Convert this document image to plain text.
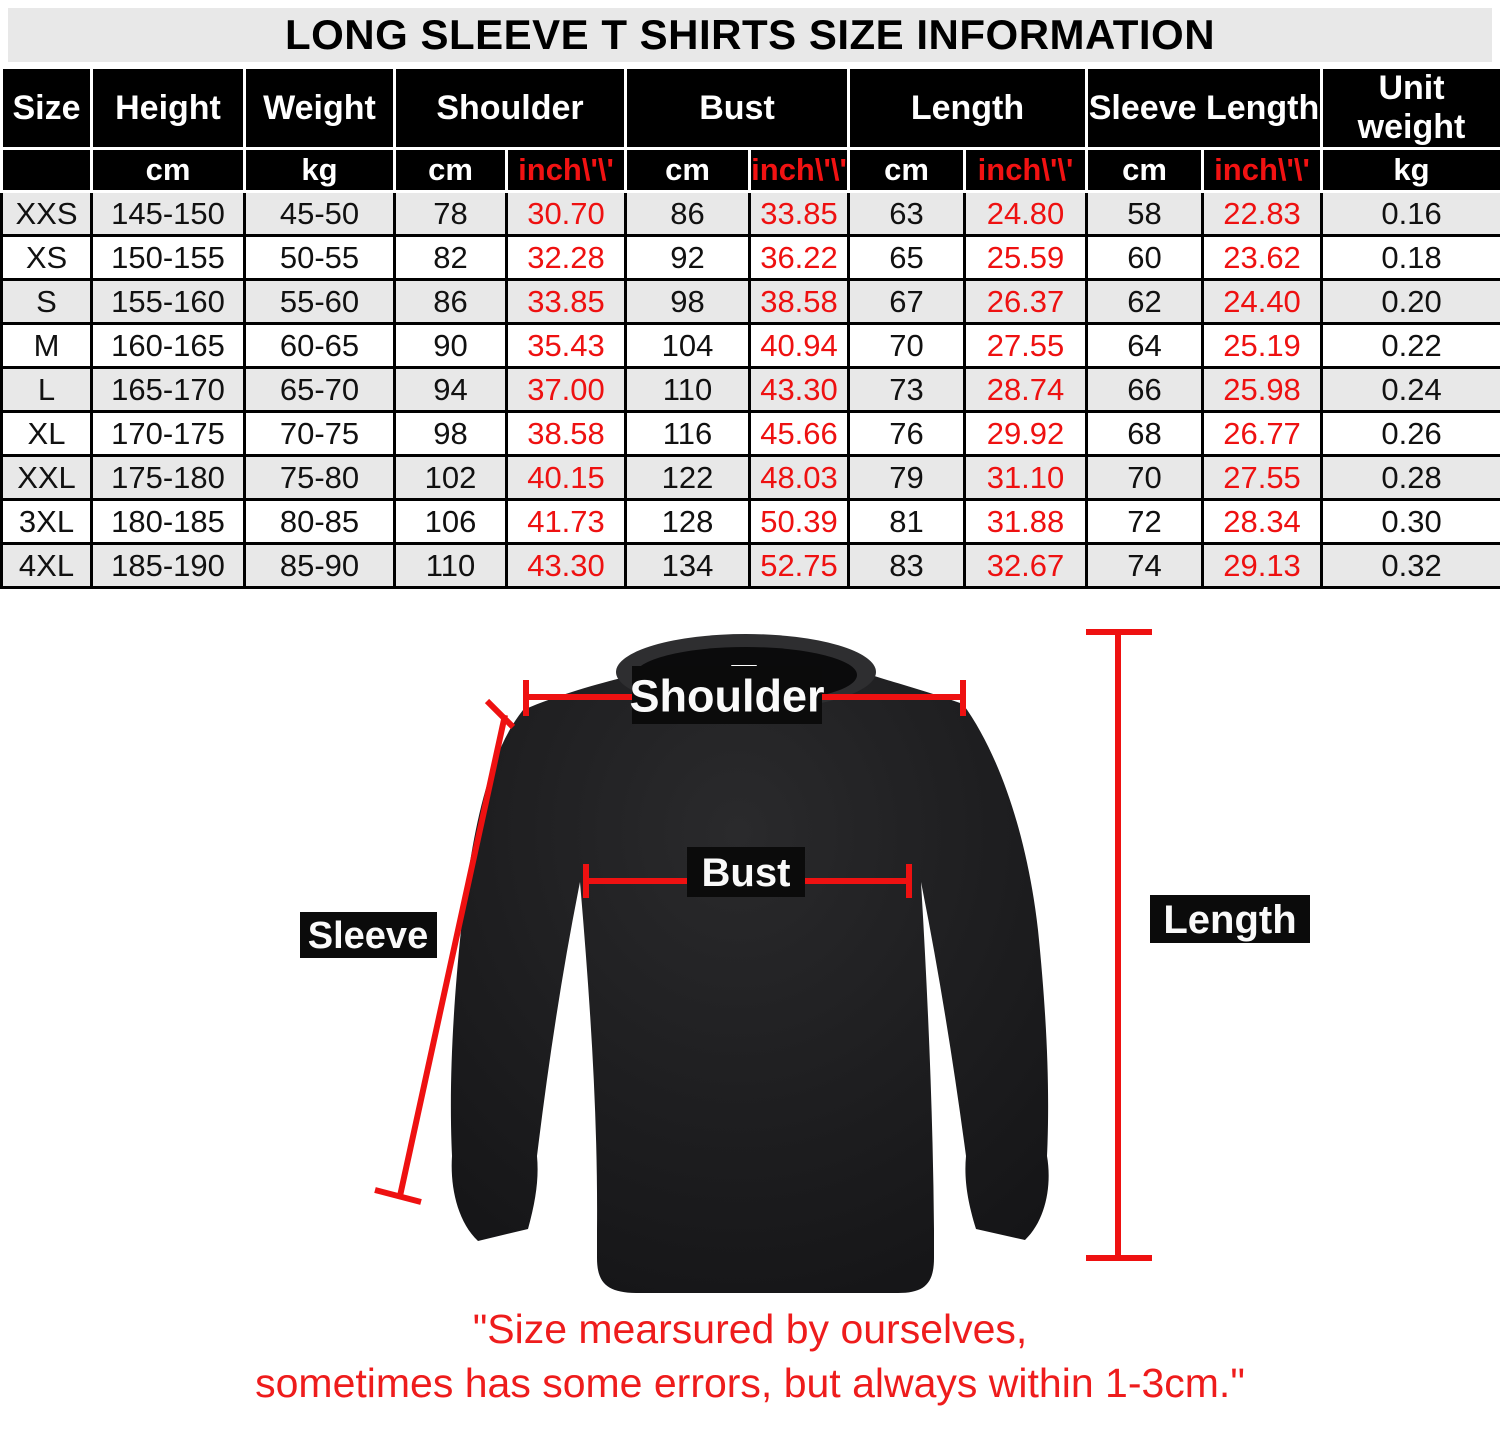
LONG SLEEVE T SHIRTS SIZE INFORMATION
Size	Height	Weight	Shoulder		Bust		Length		Sleeve Length		Unit weight
	cm	kg	cm	inch\'\'	cm	inch\'\'	cm	inch\'\'	cm	inch\'\'	kg
XXS	145-150	45-50	78	30.70	86	33.85	63	24.80	58	22.83	0.16
XS	150-155	50-55	82	32.28	92	36.22	65	25.59	60	23.62	0.18
S	155-160	55-60	86	33.85	98	38.58	67	26.37	62	24.40	0.20
M	160-165	60-65	90	35.43	104	40.94	70	27.55	64	25.19	0.22
L	165-170	65-70	94	37.00	110	43.30	73	28.74	66	25.98	0.24
XL	170-175	70-75	98	38.58	116	45.66	76	29.92	68	26.77	0.26
XXL	175-180	75-80	102	40.15	122	48.03	79	31.10	70	27.55	0.28
3XL	180-185	80-85	106	41.73	128	50.39	81	31.88	72	28.34	0.30
4XL	185-190	85-90	110	43.30	134	52.75	83	32.67	74	29.13	0.32
Shoulder
Bust
Sleeve	Length
"Size mearsured by ourselves,
sometimes has some errors, but always within 1-3cm."
